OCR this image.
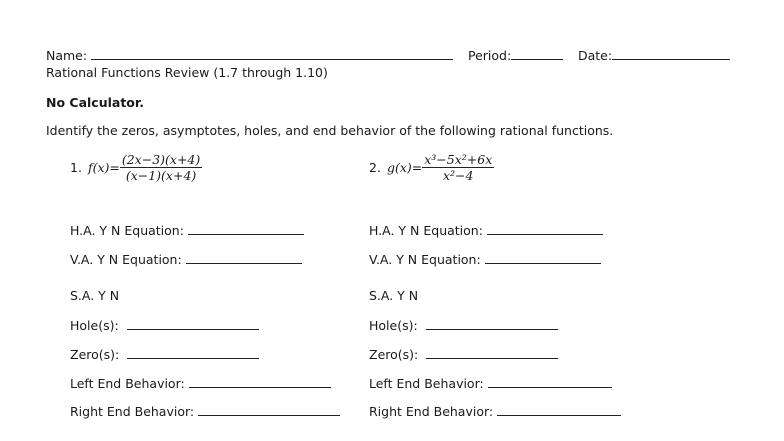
Name:	Period:	Date:
Rational Functions Review (1.7 through 1.10)
No Calculator.
Identify the zeros, asymptotes, holes, and end behavior of the following rational functions.
1. $f(x)= \frac{(2x-3)(x+4)}{(x-1)(x+4)}$	2. $g(x)= \frac{\text{x³−5x²+6x}}{\text{x²−4}}$
H.A. Y N Equation:
V.A. Y N Equation:
S.A. Y N
Hole(s):
Zero(s):
Left End Behavior:
Right End Behavior:
H.A. Y N Equation:
V.A. Y N Equation:
S.A. Y N
Hole(s):
Zero(s):
Left End Behavior:
Right End Behavior:
